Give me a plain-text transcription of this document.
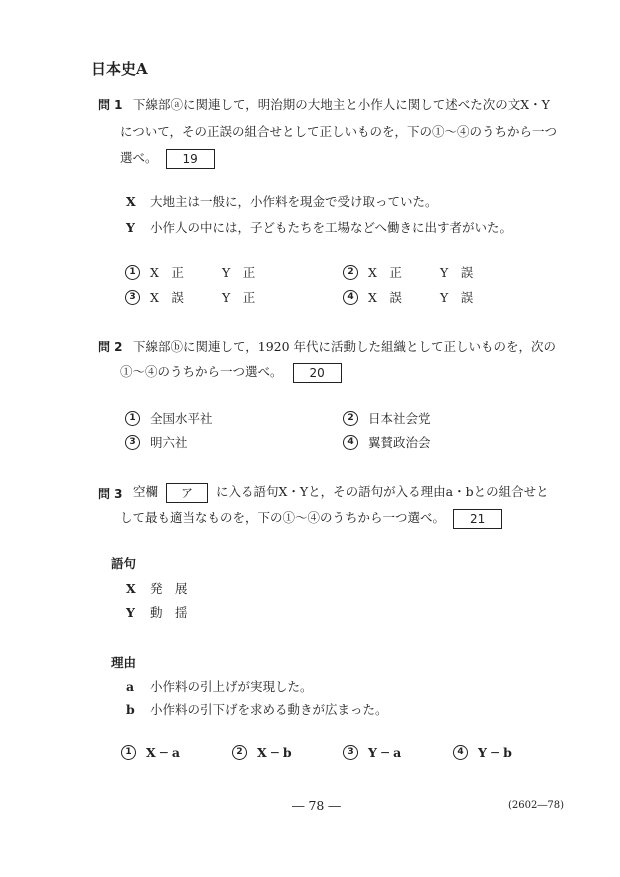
日本史A
問 1 下線部ⓐに関連して，明治期の大地主と小作人に関して述べた次の文X・Y
について，その正誤の組合せとして正しいものを，下の①～④のうちから一つ
選べ。 19
X 大地主は一般に，小作料を現金で受け取っていた。
Y 小作人の中には，子どもたちを工場などへ働きに出す者がいた。
1	X　正	Y　正	2	X　正	Y　誤
3	X　誤	Y　正	4	X　誤	Y　誤
問 2 下線部ⓑに関連して，1920 年代に活動した組織として正しいものを，次の
①～④のうちから一つ選べ。 20
1	全国水平社	2	日本社会党
3	明六社	4	翼賛政治会
問 3 空欄 ア に入る語句X・Yと，その語句が入る理由a・bとの組合せと
して最も適当なものを，下の①～④のうちから一つ選べ。 21
語句
X 発　展
Y 動　揺
理由
a 小作料の引上げが実現した。
b 小作料の引下げを求める動きが広まった。
1	X ─ a	2	X ─ b	3	Y ─ a	4	Y ─ b
― 78 ―	(2602―78)
